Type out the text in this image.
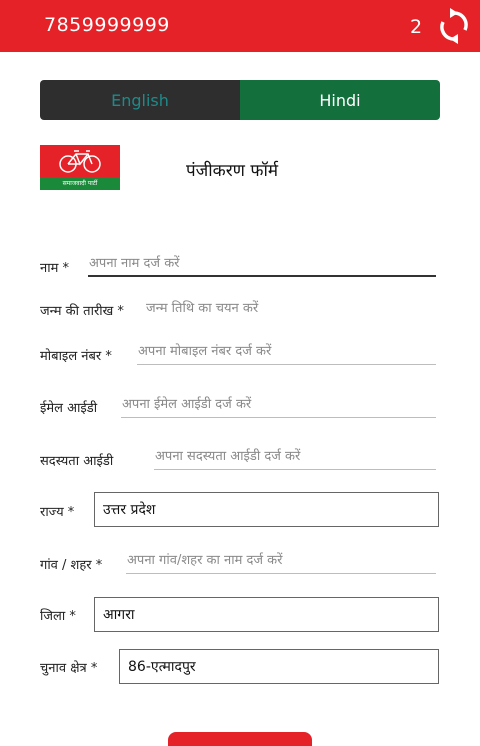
7859999999	2
English	Hindi
समाजवादी पार्टी
पंजीकरण फॉर्म
नाम * अपना नाम दर्ज करें
जन्म की तारीख * जन्म तिथि का चयन करें
मोबाइल नंबर * अपना मोबाइल नंबर दर्ज करें
ईमेल आईडी अपना ईमेल आईडी दर्ज करें
सदस्यता आईडी	अपना सदस्यता आईडी दर्ज करें
राज्य *	उत्तर प्रदेश
गांव / शहर * अपना गांव/शहर का नाम दर्ज करें
जिला *	आगरा
चुनाव क्षेत्र *	86-एत्मादपुर
